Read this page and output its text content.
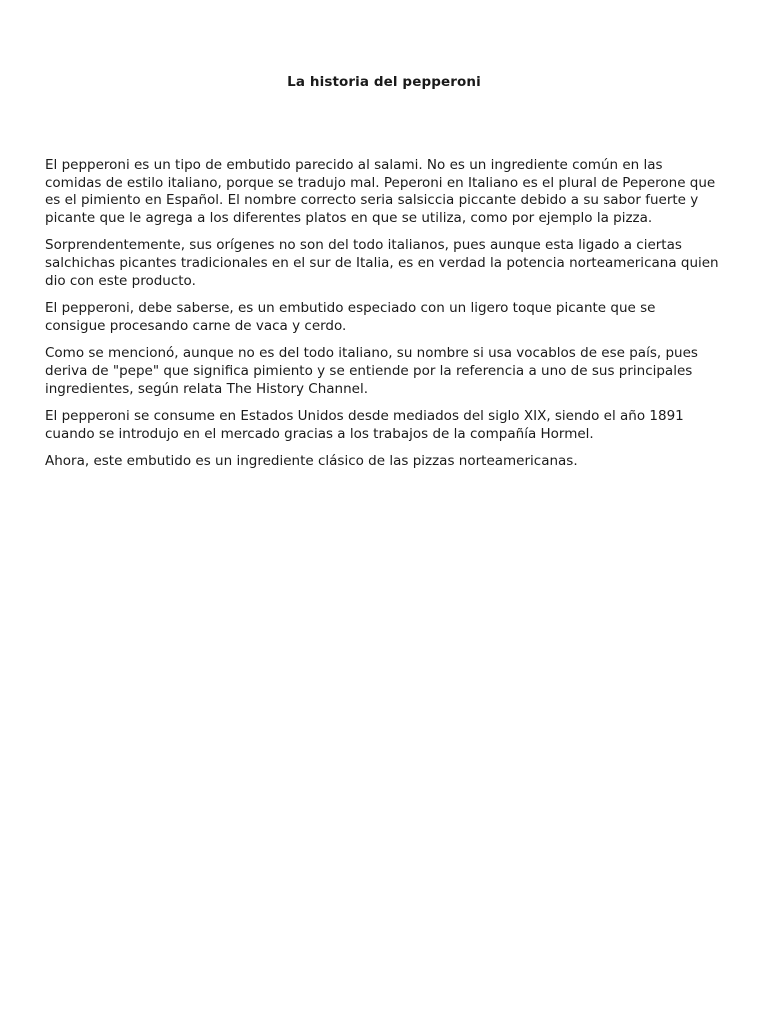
La historia del pepperoni

El pepperoni es un tipo de embutido parecido al salami. No es un ingrediente común en las comidas de estilo italiano, porque se tradujo mal. Peperoni en Italiano es el plural de Peperone que es el pimiento en Español. El nombre correcto seria salsiccia piccante debido a su sabor fuerte y picante que le agrega a los diferentes platos en que se utiliza, como por ejemplo la pizza.

Sorprendentemente, sus orígenes no son del todo italianos, pues aunque esta ligado a ciertas salchichas picantes tradicionales en el sur de Italia, es en verdad la potencia norteamericana quien dio con este producto.

El pepperoni, debe saberse, es un embutido especiado con un ligero toque picante que se consigue procesando carne de vaca y cerdo.

Como se mencionó, aunque no es del todo italiano, su nombre si usa vocablos de ese país, pues deriva de "pepe" que significa pimiento y se entiende por la referencia a uno de sus principales ingredientes, según relata The History Channel.

El pepperoni se consume en Estados Unidos desde mediados del siglo XIX, siendo el año 1891 cuando se introdujo en el mercado gracias a los trabajos de la compañía Hormel.

Ahora, este embutido es un ingrediente clásico de las pizzas norteamericanas.
